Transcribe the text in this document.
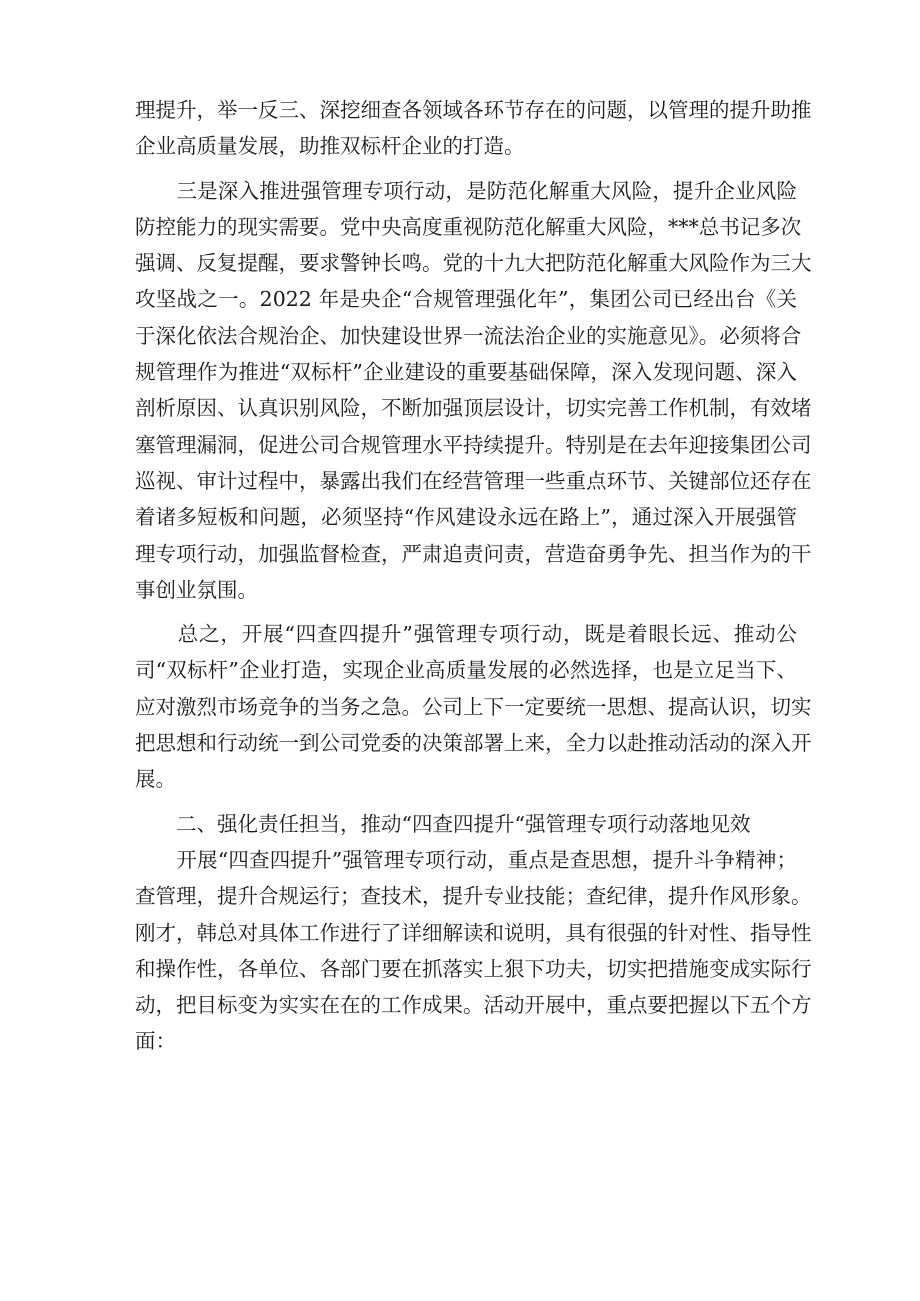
理提升，举一反三、深挖细查各领域各环节存在的问题，以管理的提升助推
企业高质量发展，助推双标杆企业的打造。
　　三是深入推进强管理专项行动，是防范化解重大风险，提升企业风险
防控能力的现实需要。党中央高度重视防范化解重大风险，***总书记多次
强调、反复提醒，要求警钟长鸣。党的十九大把防范化解重大风险作为三大
攻坚战之一。2022 年是央企“合规管理强化年”，集团公司已经出台《关
于深化依法合规治企、加快建设世界一流法治企业的实施意见》。必须将合
规管理作为推进“双标杆”企业建设的重要基础保障，深入发现问题、深入
剖析原因、认真识别风险，不断加强顶层设计，切实完善工作机制，有效堵
塞管理漏洞，促进公司合规管理水平持续提升。特别是在去年迎接集团公司
巡视、审计过程中，暴露出我们在经营管理一些重点环节、关键部位还存在
着诸多短板和问题，必须坚持“作风建设永远在路上”，通过深入开展强管
理专项行动，加强监督检查，严肃追责问责，营造奋勇争先、担当作为的干
事创业氛围。
　　总之，开展“四查四提升”强管理专项行动，既是着眼长远、推动公
司“双标杆”企业打造，实现企业高质量发展的必然选择，也是立足当下、
应对激烈市场竞争的当务之急。公司上下一定要统一思想、提高认识，切实
把思想和行动统一到公司党委的决策部署上来，全力以赴推动活动的深入开
展。
　　二、强化责任担当，推动“四查四提升“强管理专项行动落地见效
　　开展“四查四提升”强管理专项行动，重点是查思想，提升斗争精神；
查管理，提升合规运行；查技术，提升专业技能；查纪律，提升作风形象。
刚才，韩总对具体工作进行了详细解读和说明，具有很强的针对性、指导性
和操作性，各单位、各部门要在抓落实上狠下功夫，切实把措施变成实际行
动，把目标变为实实在在的工作成果。活动开展中，重点要把握以下五个方
面：
